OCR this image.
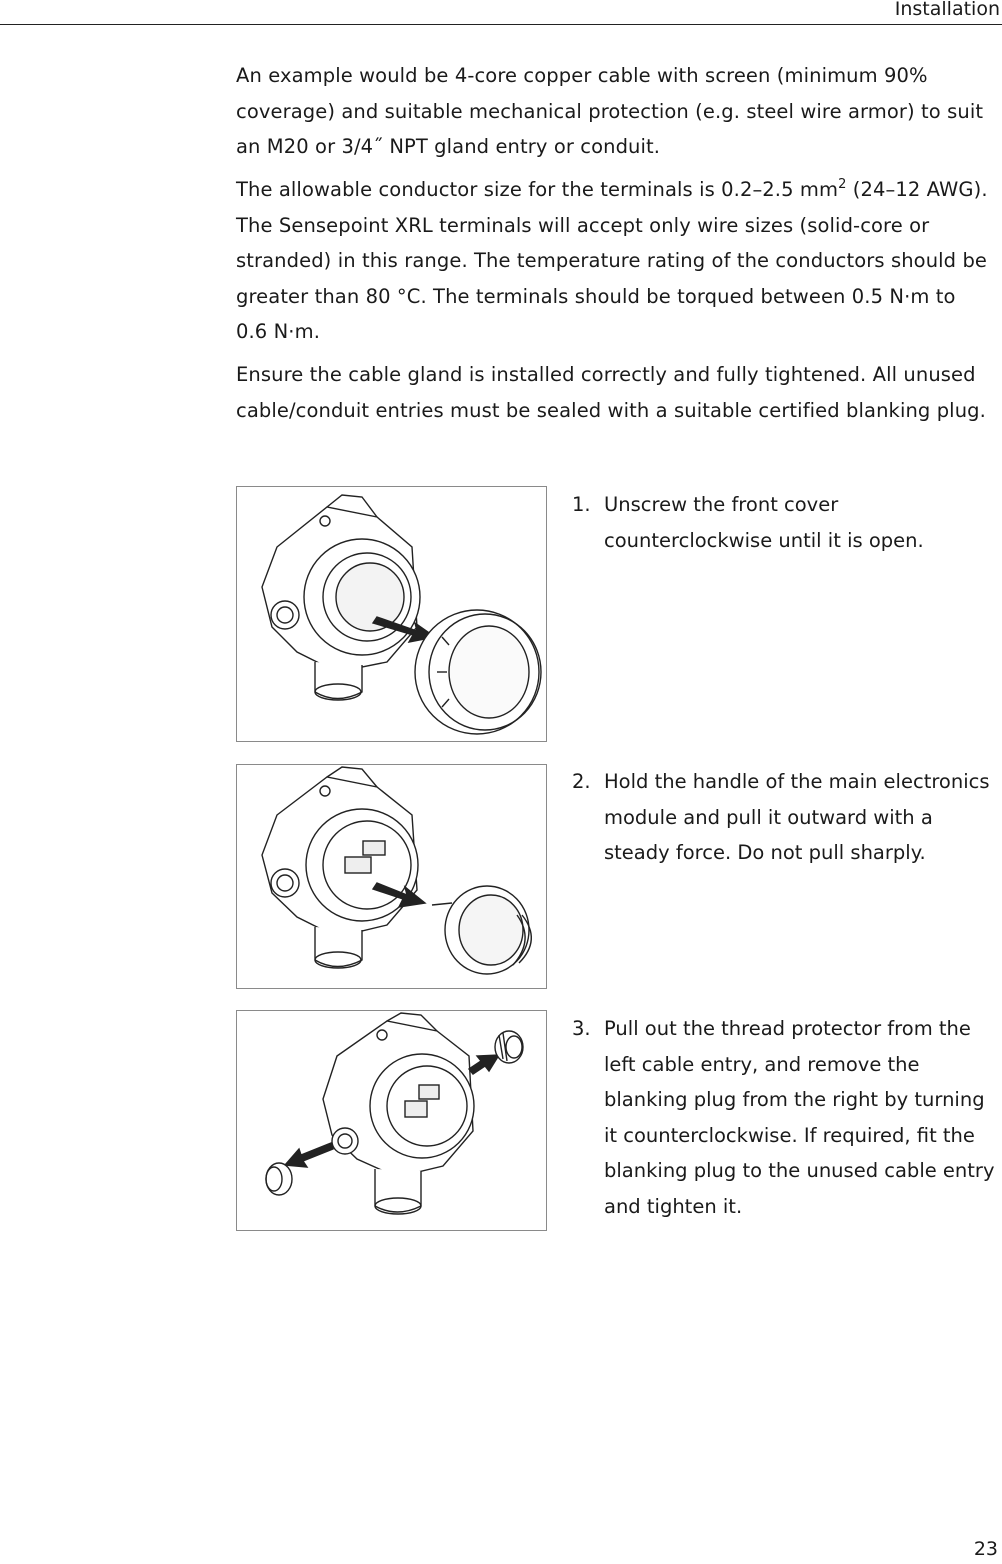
Installation
An example would be 4-core copper cable with screen (minimum 90% coverage) and suitable mechanical protection (e.g. steel wire armor) to suit an M20 or 3/4˝ NPT gland entry or conduit.
The allowable conductor size for the terminals is 0.2–2.5 $mm^2$ (24–12 AWG). The Sensepoint XRL terminals will accept only wire sizes (solid-core or stranded) in this range. The temperature rating of the conductors should be greater than 80 °C. The terminals should be torqued between 0.5 N·m to 0.6 N·m.
Ensure the cable gland is installed correctly and fully tightened. All unused cable/conduit entries must be sealed with a suitable certified blanking plug.
1. Unscrew the front cover counterclockwise until it is open.
2. Hold the handle of the main electronics module and pull it outward with a steady force. Do not pull sharply.
3. Pull out the thread protector from the left cable entry, and remove the blanking plug from the right by turning it counterclockwise. If required, fit the blanking plug to the unused cable entry and tighten it.
23
